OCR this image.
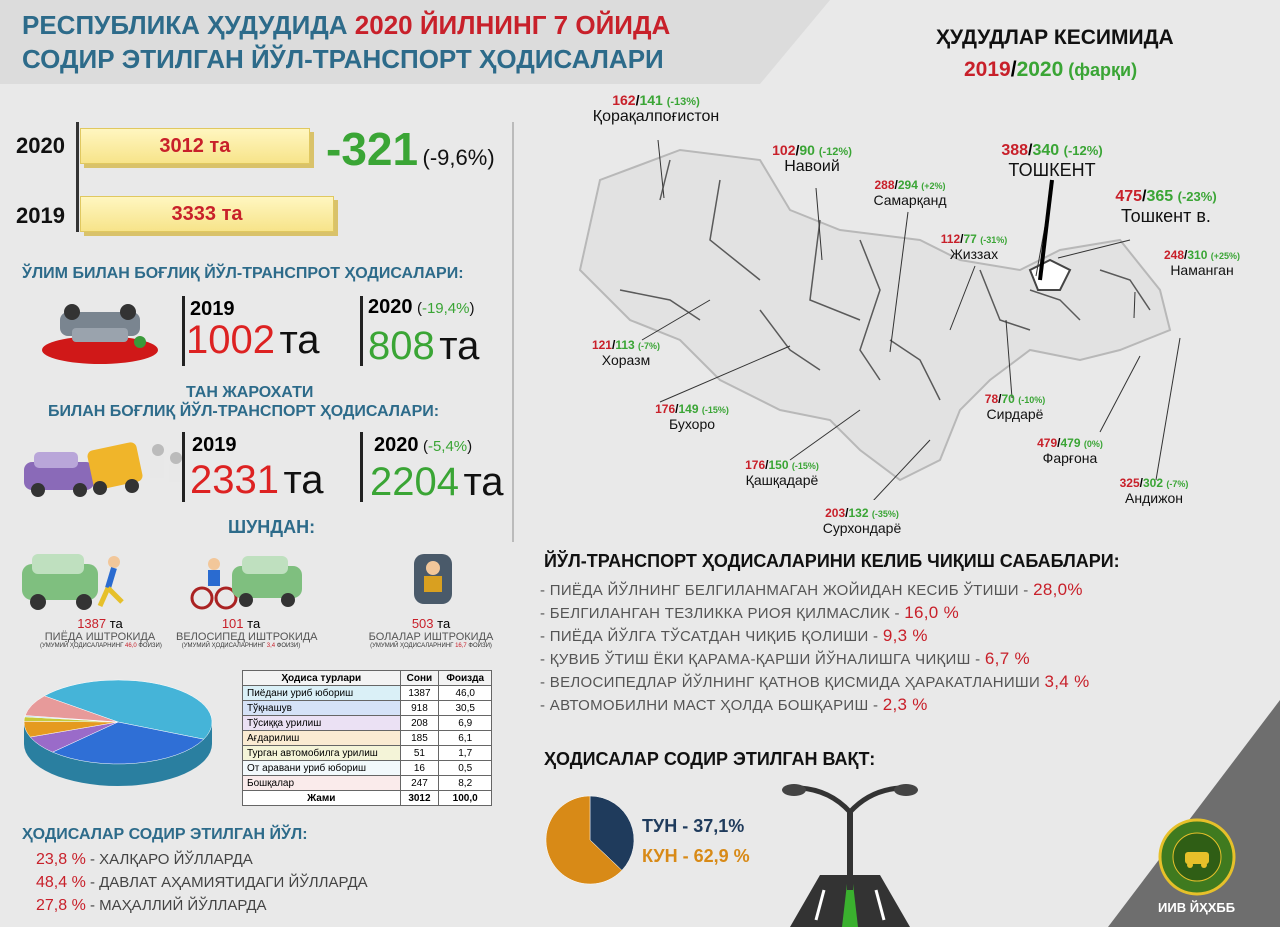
РЕСПУБЛИКА ҲУДУДИДА 2020 ЙИЛНИНГ 7 ОЙИДА
СОДИР ЭТИЛГАН ЙЎЛ-ТРАНСПОРТ ҲОДИСАЛАРИ
2020	3012 та
2019	3333 та
-321 (-9,6%)
ЎЛИМ БИЛАН БОҒЛИҚ ЙЎЛ-ТРАНСПРОТ ҲОДИСАЛАРИ:
2019
1002 та
2020 (-19,4%)
808 та
ТАН ЖАРОХАТИ
БИЛАН БОҒЛИҚ ЙЎЛ-ТРАНСПОРТ ҲОДИСАЛАРИ:
2019
2331 та
2020 (-5,4%)
2204 та
ШУНДАН:
1387 та
ПИЁДА ИШТРОКИДА
(УМУМИЙ ҲОДИСАЛАРНИНГ 46,0 ФОИЗИ)
101 та
ВЕЛОСИПЕД ИШТРОКИДА
(УМУМИЙ ҲОДИСАЛАРНИНГ 3,4 ФОИЗИ)
503 та
БОЛАЛАР ИШТРОКИДА
(УМУМИЙ ҲОДИСАЛАРНИНГ 16,7 ФОИЗИ)
Ҳодиса турлари	Сони	Фоизда
Пиёдани уриб юбориш	1387	46,0
Тўқнашув	918	30,5
Тўсиққа урилиш	208	6,9
Ағдарилиш	185	6,1
Турган автомобилга урилиш	51	1,7
От аравани уриб юбориш	16	0,5
Бошқалар	247	8,2
Жами	3012	100,0
ҲОДИСАЛАР СОДИР ЭТИЛГАН ЙЎЛ:
23,8 % - ХАЛҚАРО ЙЎЛЛАРДА
48,4 % - ДАВЛАТ АҲАМИЯТИДАГИ ЙЎЛЛАРДА
27,8 % - МАҲАЛЛИЙ ЙЎЛЛАРДА
ҲУДУДЛАР КЕСИМИДА
2019/2020 (фарқи)
162/141 (-13%)
Қорақалпоғистон
102/90 (-12%)
Навоий
288/294 (+2%)
Самарқанд
388/340 (-12%)
ТОШКЕНТ
475/365 (-23%)
Тошкент в.
112/77 (-31%)
Жиззах	248/310 (+25%)
Наманган
121/113 (-7%)
Хоразм
176/149 (-15%)
Бухоро
78/70 (-10%)
Сирдарё
479/479 (0%)
Фарғона
176/150 (-15%)
Қашқадарё	325/302 (-7%)
Андижон
203/132 (-35%)
Сурхондарё
ЙЎЛ-ТРАНСПОРТ ҲОДИСАЛАРИНИ КЕЛИБ ЧИҚИШ САБАБЛАРИ:
- ПИЁДА ЙЎЛНИНГ БЕЛГИЛАНМАГАН ЖОЙИДАН КЕСИБ ЎТИШИ - 28,0%
- БЕЛГИЛАНГАН ТЕЗЛИККА РИОЯ ҚИЛМАСЛИК - 16,0 %
- ПИЁДА ЙЎЛГА ТЎСАТДАН ЧИҚИБ ҚОЛИШИ - 9,3 %
- ҚУВИБ ЎТИШ ЁКИ ҚАРАМА-ҚАРШИ ЙЎНАЛИШГА ЧИҚИШ - 6,7 %
- ВЕЛОСИПЕДЛАР ЙЎЛНИНГ ҚАТНОВ ҚИСМИДА ҲАРАКАТЛАНИШИ 3,4 %
- АВТОМОБИЛНИ МАСТ ҲОЛДА БОШҚАРИШ - 2,3 %
ҲОДИСАЛАР СОДИР ЭТИЛГАН ВАҚТ:
ТУН - 37,1%
КУН - 62,9 %
ИИВ ЙҲХББ
